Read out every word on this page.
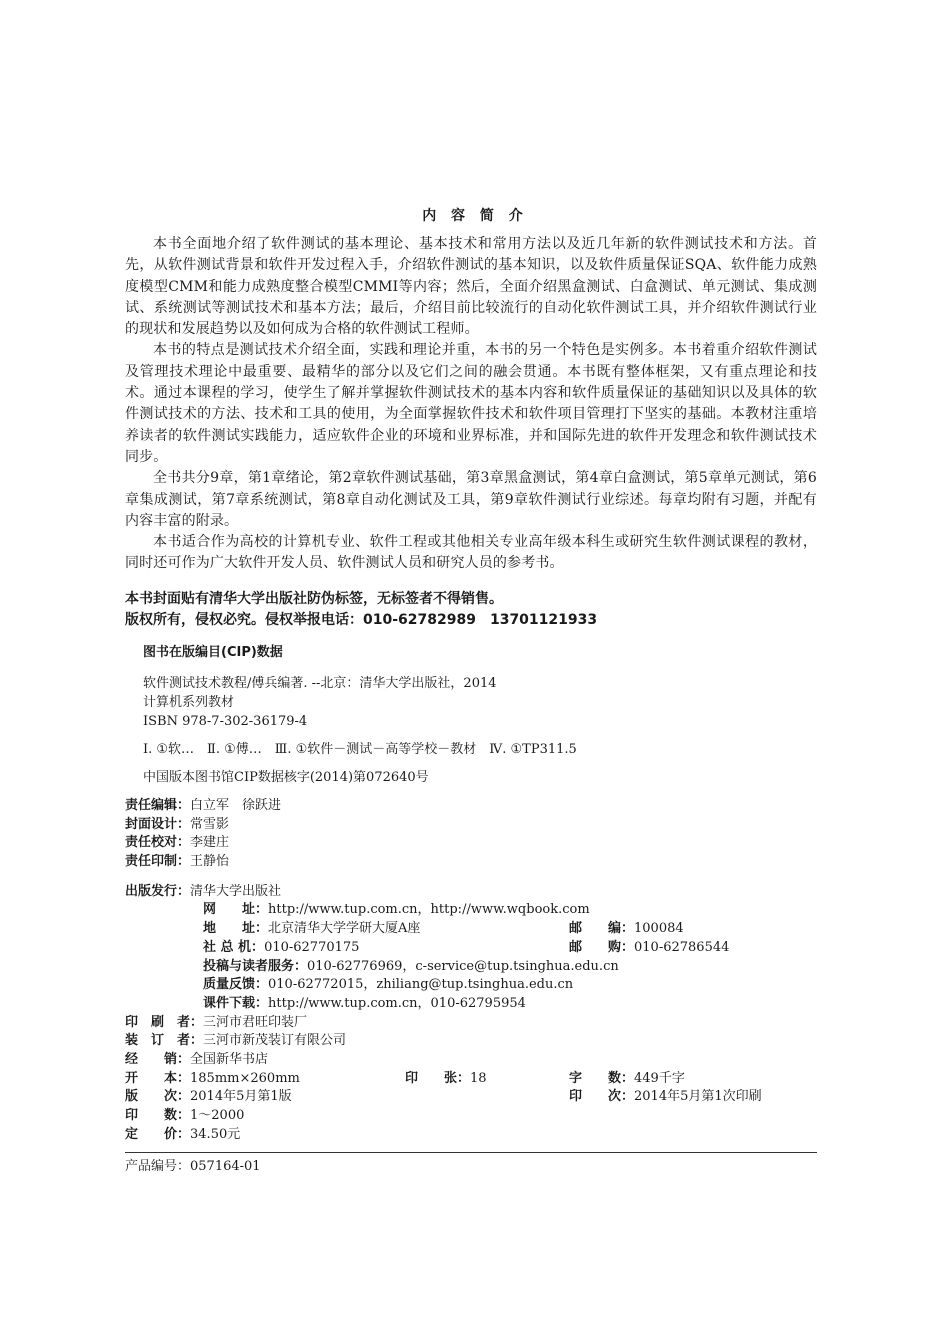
内 容 简 介

本书全面地介绍了软件测试的基本理论、基本技术和常用方法以及近几年新的软件测试技术和方法。首先，从软件测试背景和软件开发过程入手，介绍软件测试的基本知识，以及软件质量保证SQA、软件能力成熟度模型CMM和能力成熟度整合模型CMMI等内容；然后，全面介绍黑盒测试、白盒测试、单元测试、集成测试、系统测试等测试技术和基本方法；最后，介绍目前比较流行的自动化软件测试工具，并介绍软件测试行业的现状和发展趋势以及如何成为合格的软件测试工程师。

本书的特点是测试技术介绍全面，实践和理论并重，本书的另一个特色是实例多。本书着重介绍软件测试及管理技术理论中最重要、最精华的部分以及它们之间的融会贯通。本书既有整体框架，又有重点理论和技术。通过本课程的学习，使学生了解并掌握软件测试技术的基本内容和软件质量保证的基础知识以及具体的软件测试技术的方法、技术和工具的使用，为全面掌握软件技术和软件项目管理打下坚实的基础。本教材注重培养读者的软件测试实践能力，适应软件企业的环境和业界标准，并和国际先进的软件开发理念和软件测试技术同步。

全书共分9章，第1章绪论，第2章软件测试基础，第3章黑盒测试，第4章白盒测试，第5章单元测试，第6章集成测试，第7章系统测试，第8章自动化测试及工具，第9章软件测试行业综述。每章均附有习题，并配有内容丰富的附录。

本书适合作为高校的计算机专业、软件工程或其他相关专业高年级本科生或研究生软件测试课程的教材，同时还可作为广大软件开发人员、软件测试人员和研究人员的参考书。

本书封面贴有清华大学出版社防伪标签，无标签者不得销售。
版权所有，侵权必究。侵权举报电话：010-62782989　13701121933
图书在版编目(CIP)数据
软件测试技术教程/傅兵编著. --北京：清华大学出版社，2014
计算机系列教材
ISBN 978-7-302-36179-4
Ⅰ. ①软…　Ⅱ. ①傅…　Ⅲ. ①软件－测试－高等学校－教材　Ⅳ. ①TP311.5
中国版本图书馆CIP数据核字(2014)第072640号
责任编辑：白立军　徐跃进
封面设计：常雪影
责任校对：李建庄
责任印制：王静怡
出版发行：清华大学出版社
网　　址：http://www.tup.com.cn，http://www.wqbook.com
地　　址：北京清华大学学研大厦A座	邮　　编：100084
社 总 机：010-62770175	邮　　购：010-62786544
投稿与读者服务：010-62776969，c-service@tup.tsinghua.edu.cn
质量反馈：010-62772015，zhiliang@tup.tsinghua.edu.cn
课件下载：http://www.tup.com.cn，010-62795954
印　刷　者：三河市君旺印装厂
装　订　者：三河市新茂装订有限公司
经　　销：全国新华书店
开　　本：185mm×260mm	印　　张：18	字　　数：449千字
版　　次：2014年5月第1版	印　　次：2014年5月第1次印刷
印　　数：1～2000
定　　价：34.50元
产品编号：057164-01
